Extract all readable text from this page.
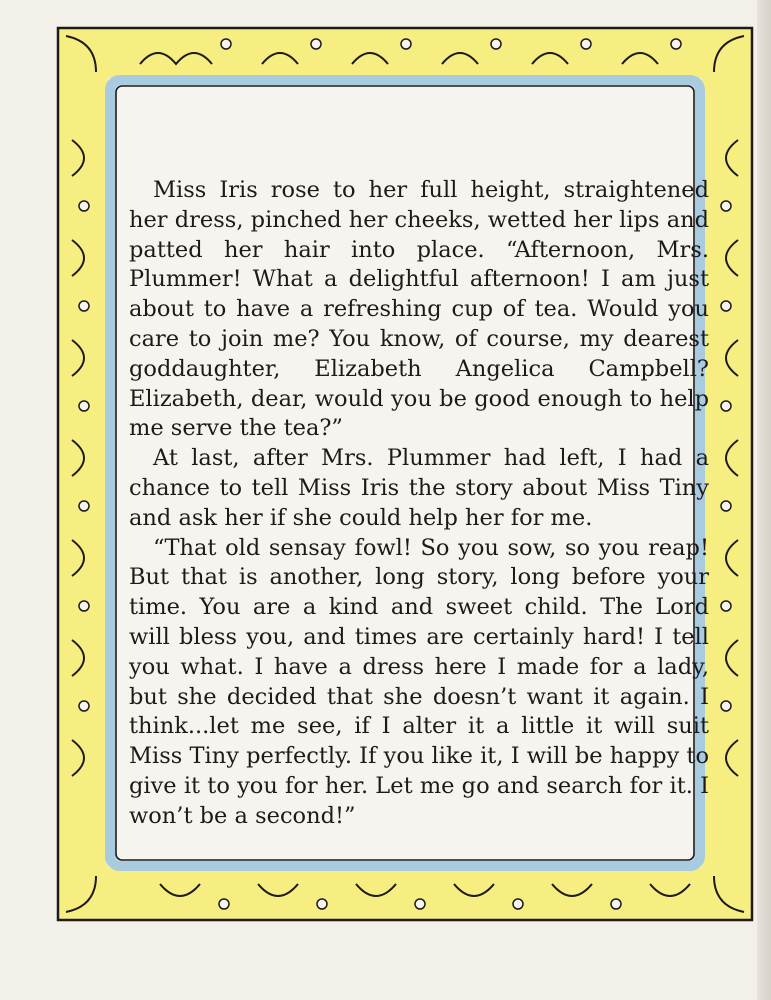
Miss Iris rose to her full height, straightened her dress, pinched her cheeks, wetted her lips and patted her hair into place. “Afternoon, Mrs. Plummer! What a delightful afternoon! I am just about to have a refreshing cup of tea. Would you care to join me? You know, of course, my dearest goddaughter, Elizabeth Angelica Campbell? Elizabeth, dear, would you be good enough to help me serve the tea?”

At last, after Mrs. Plummer had left, I had a chance to tell Miss Iris the story about Miss Tiny and ask her if she could help her for me.

“That old sensay fowl! So you sow, so you reap! But that is another, long story, long before your time. You are a kind and sweet child. The Lord will bless you, and times are certainly hard! I tell you what. I have a dress here I made for a lady, but she decided that she doesn’t want it again. I think...let me see, if I alter it a little it will suit Miss Tiny perfectly. If you like it, I will be happy to give it to you for her. Let me go and search for it. I won’t be a second!”
